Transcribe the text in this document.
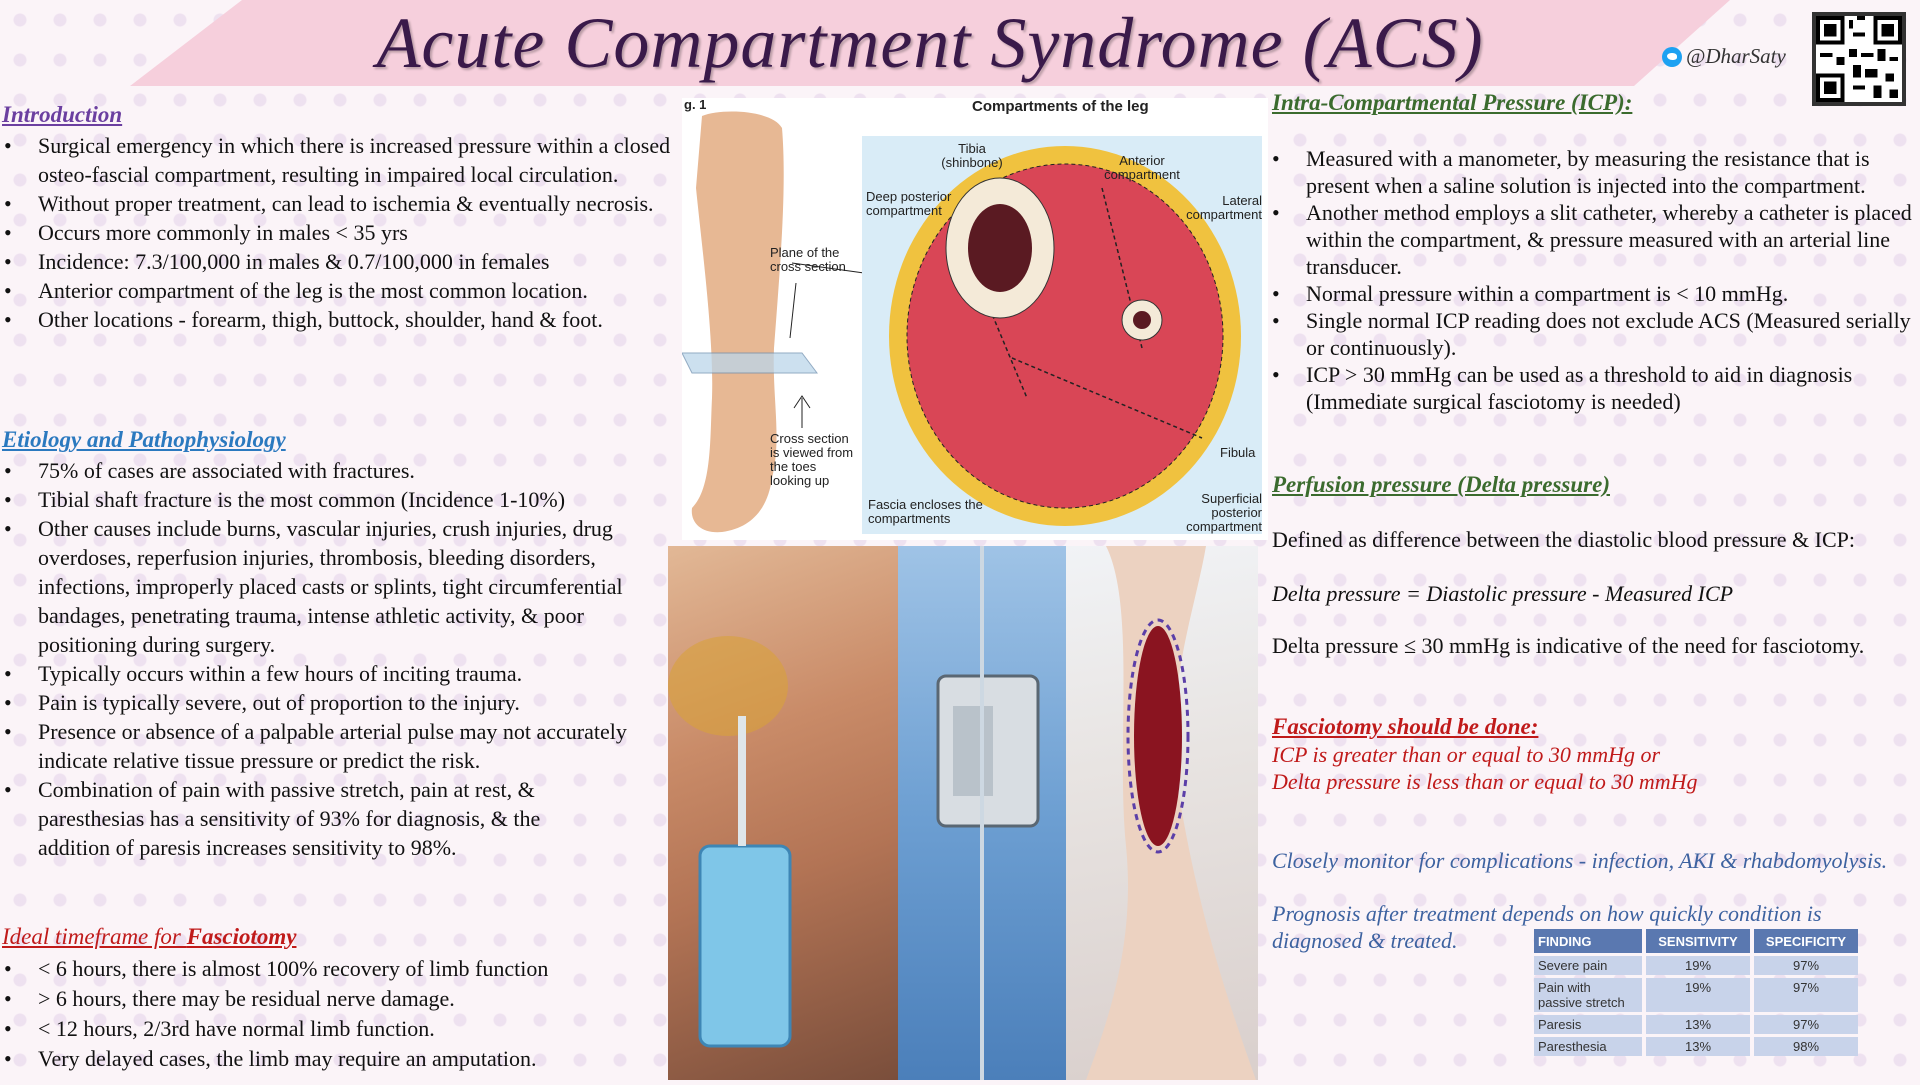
Acute Compartment Syndrome (ACS)	@DharSaty
Introduction
• Surgical emergency in which there is increased pressure within a closed osteo-fascial compartment, resulting in impaired local circulation.
• Without proper treatment, can lead to ischemia & eventually necrosis.
• Occurs more commonly in males < 35 yrs
• Incidence: 7.3/100,000 in males & 0.7/100,000 in females
• Anterior compartment of the leg is the most common location.
• Other locations - forearm, thigh, buttock, shoulder, hand & foot.
Etiology and Pathophysiology
• 75% of cases are associated with fractures.
• Tibial shaft fracture is the most common (Incidence 1-10%)
• Other causes include burns, vascular injuries, crush injuries, drug overdoses, reperfusion injuries, thrombosis, bleeding disorders, infections, improperly placed casts or splints, tight circumferential bandages, penetrating trauma, intense athletic activity, & poor positioning during surgery.
• Typically occurs within a few hours of inciting trauma.
• Pain is typically severe, out of proportion to the injury.
• Presence or absence of a palpable arterial pulse may not accurately indicate relative tissue pressure or predict the risk.
• Combination of pain with passive stretch, pain at rest, & paresthesias has a sensitivity of 93% for diagnosis, & the addition of paresis increases sensitivity to 98%.
Ideal timeframe for Fasciotomy
• < 6 hours, there is almost 100% recovery of limb function
• > 6 hours, there may be residual nerve damage.
• < 12 hours, 2/3rd have normal limb function.
• Very delayed cases, the limb may require an amputation.
g. 1	Compartments of the leg
Tibia (shinbone)	Anterior compartment
Deep posterior compartment
Lateral compartment
Plane of the cross section
Cross section is viewed from the toes looking up
Fibula
Fascia encloses the compartments
Superficial posterior compartment
Intra-Compartmental Pressure (ICP):
• Measured with a manometer, by measuring the resistance that is present when a saline solution is injected into the compartment.
• Another method employs a slit catheter, whereby a catheter is placed within the compartment, & pressure measured with an arterial line transducer.
• Normal pressure within a compartment is < 10 mmHg.
• Single normal ICP reading does not exclude ACS (Measured serially or continuously).
• ICP > 30 mmHg can be used as a threshold to aid in diagnosis (Immediate surgical fasciotomy is needed)
Perfusion pressure (Delta pressure)
Defined as difference between the diastolic blood pressure & ICP:
Delta pressure = Diastolic pressure - Measured ICP
Delta pressure ≤ 30 mmHg is indicative of the need for fasciotomy.
Fasciotomy should be done:
ICP is greater than or equal to 30 mmHg or
Delta pressure is less than or equal to 30 mmHg
Closely monitor for complications - infection, AKI & rhabdomyolysis.
Prognosis after treatment depends on how quickly condition is
diagnosed & treated.	FINDING	SENSITIVITY	SPECIFICITY
Severe pain	19%	97%
Pain with passive stretch	19%	97%
Paresis	13%	97%
Paresthesia	13%	98%
